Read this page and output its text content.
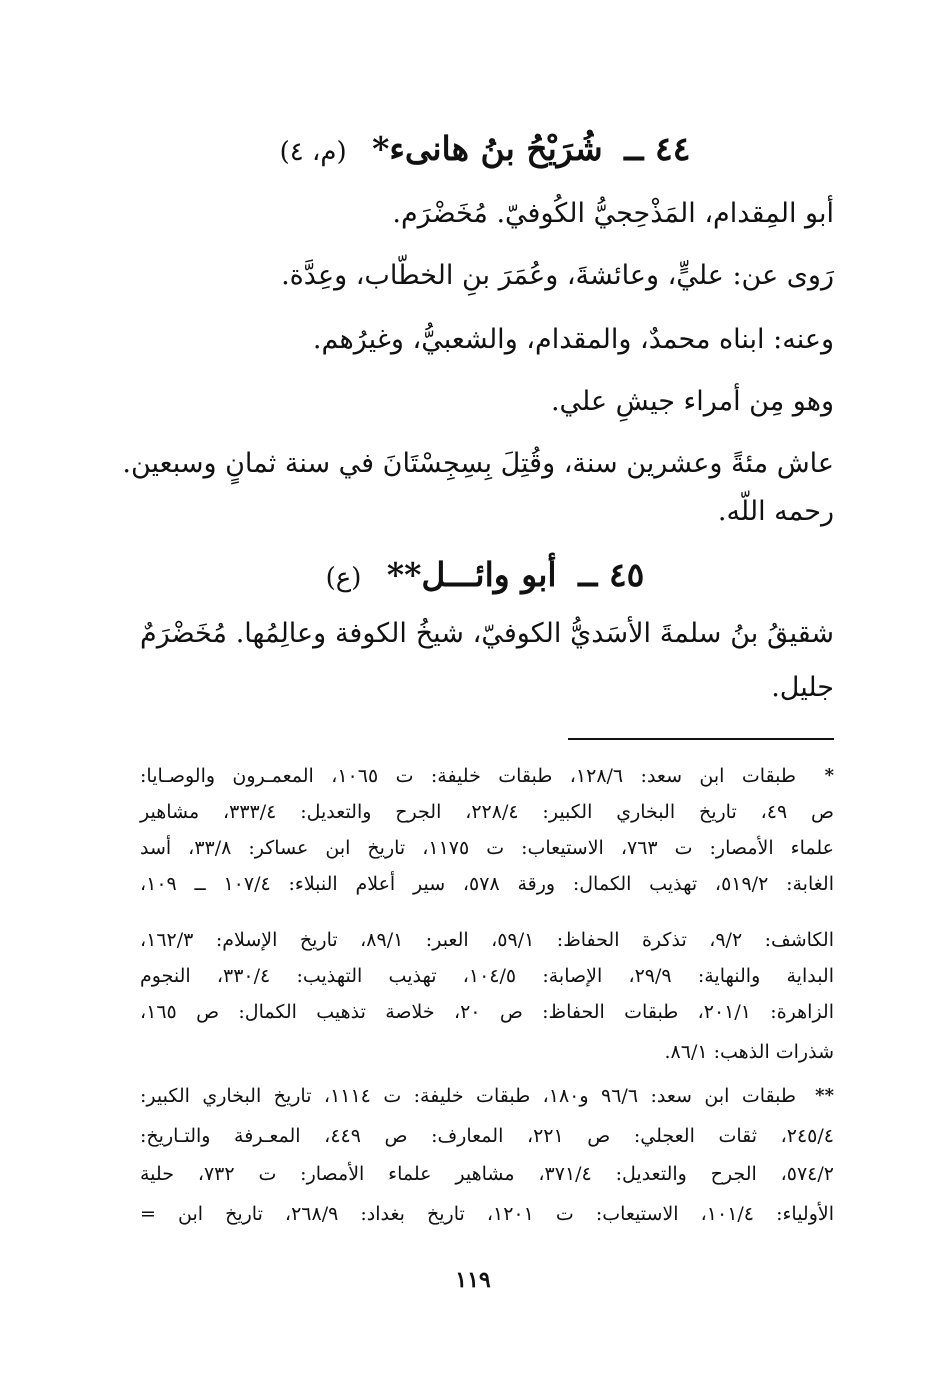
٤٤ ــ شُرَيْحُ بنُ هانىء* (م، ٤)
أبو المِقدام، المَذْحِجيُّ الكُوفيّ. مُخَضْرَم.
رَوى عن: عليٍّ، وعائشةَ، وعُمَرَ بنِ الخطّاب، وعِدَّة.
وعنه: ابناه محمدٌ، والمقدام، والشعبيُّ، وغيرُهم.
وهو مِن أمراء جيشِ علي.
عاش مئةً وعشرين سنة، وقُتِلَ بِسِجِسْتَانَ في سنة ثمانٍ وسبعين.
رحمه اللّه.
٤٥ ــ أبو وائـــل** (ع)
شقيقُ بنُ سلمةَ الأسَديُّ الكوفيّ، شيخُ الكوفة وعالِمُها. مُخَضْرَمٌ
جليل.
*
طبقات ابن سعد: ١٢٨/٦، طبقات خليفة: ت ١٠٦٥، المعمـرون والوصـايا:
ص ٤٩، تاريخ البخاري الكبير: ٢٢٨/٤، الجرح والتعديل: ٣٣٣/٤، مشاهير
علماء الأمصار: ت ٧٦٣، الاستيعاب: ت ١١٧٥، تاريخ ابن عساكر: ٣٣/٨، أسد
الغابة: ٥١٩/٢، تهذيب الكمال: ورقة ٥٧٨، سير أعلام النبلاء: ١٠٧/٤ ــ ١٠٩،
الكاشف: ٩/٢، تذكرة الحفاظ: ٥٩/١، العبر: ٨٩/١، تاريخ الإسلام: ١٦٢/٣،
البداية والنهاية: ٢٩/٩، الإصابة: ١٠٤/٥، تهذيب التهذيب: ٣٣٠/٤، النجوم
الزاهرة: ٢٠١/١، طبقات الحفاظ: ص ٢٠، خلاصة تذهيب الكمال: ص ١٦٥،
شذرات الذهب: ٨٦/١.
**
طبقات ابن سعد: ٩٦/٦ و١٨٠، طبقات خليفة: ت ١١١٤، تاريخ البخاري الكبير:
٢٤٥/٤، ثقات العجلي: ص ٢٢١، المعارف: ص ٤٤٩، المعـرفة والتـاريخ:
٥٧٤/٢، الجرح والتعديل: ٣٧١/٤، مشاهير علماء الأمصار: ت ٧٣٢، حلية
الأولياء: ١٠١/٤، الاستيعاب: ت ١٢٠١، تاريخ بغداد: ٢٦٨/٩، تاريخ ابن =
١١٩
